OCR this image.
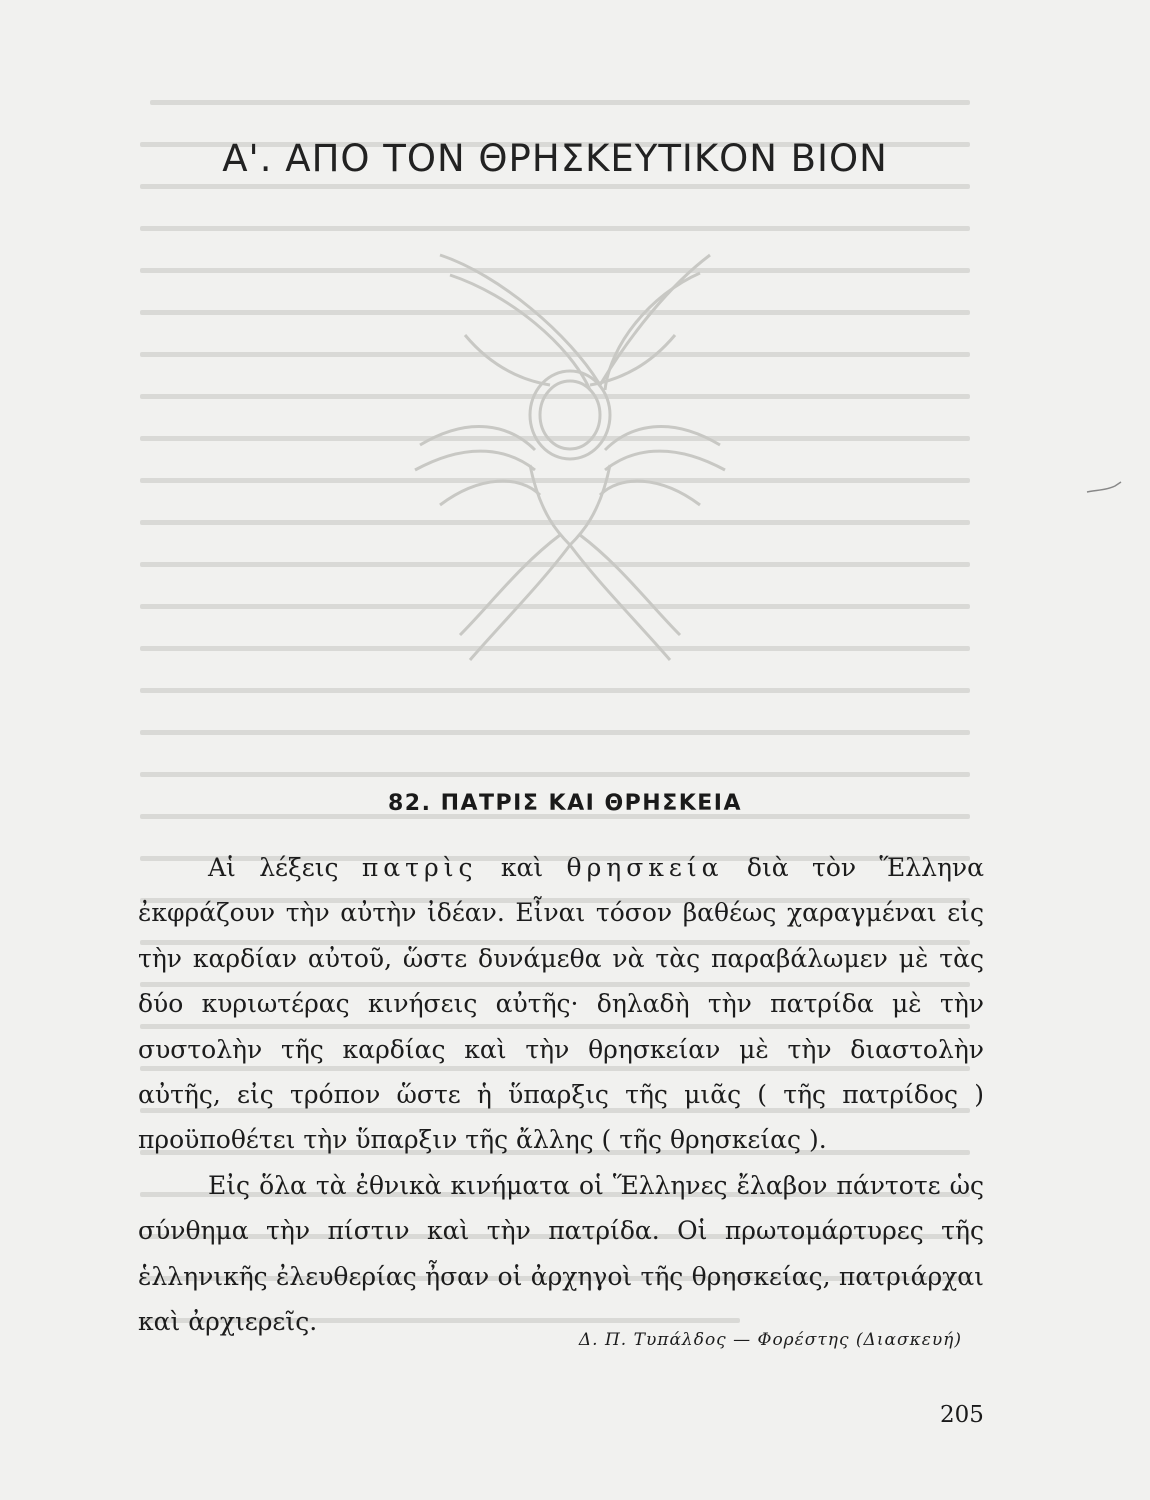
Α'. ΑΠΟ ΤΟΝ ΘΡΗΣΚΕΥΤΙΚΟΝ ΒΙΟΝ
82. ΠΑΤΡΙΣ ΚΑΙ ΘΡΗΣΚΕΙΑ

Αἱ λέξεις πατρὶς καὶ θρησκεία διὰ τὸν Ἕλληνα ἐκφράζουν τὴν αὐτὴν ἰδέαν. Εἶναι τόσον βαθέως χαραγμέναι εἰς τὴν καρδίαν αὐτοῦ, ὥστε δυνάμεθα νὰ τὰς παραβάλωμεν μὲ τὰς δύο κυριωτέρας κινήσεις αὐτῆς· δηλαδὴ τὴν πατρίδα μὲ τὴν συστολὴν τῆς καρδίας καὶ τὴν θρησκείαν μὲ τὴν διαστολὴν αὐτῆς, εἰς τρόπον ὥστε ἡ ὕπαρξις τῆς μιᾶς ( τῆς πατρίδος ) προϋποθέτει τὴν ὕπαρξιν τῆς ἄλλης ( τῆς θρησκείας ).

Εἰς ὅλα τὰ ἐθνικὰ κινήματα οἱ Ἕλληνες ἔλαβον πάντοτε ὡς σύνθημα τὴν πίστιν καὶ τὴν πατρίδα. Οἱ πρωτομάρτυρες τῆς ἑλληνικῆς ἐλευθερίας ἦσαν οἱ ἀρχηγοὶ τῆς θρησκείας, πατριάρχαι καὶ ἀρχιερεῖς.

Δ. Π. Τυπάλδος — Φορέστης (Διασκευή)
205
